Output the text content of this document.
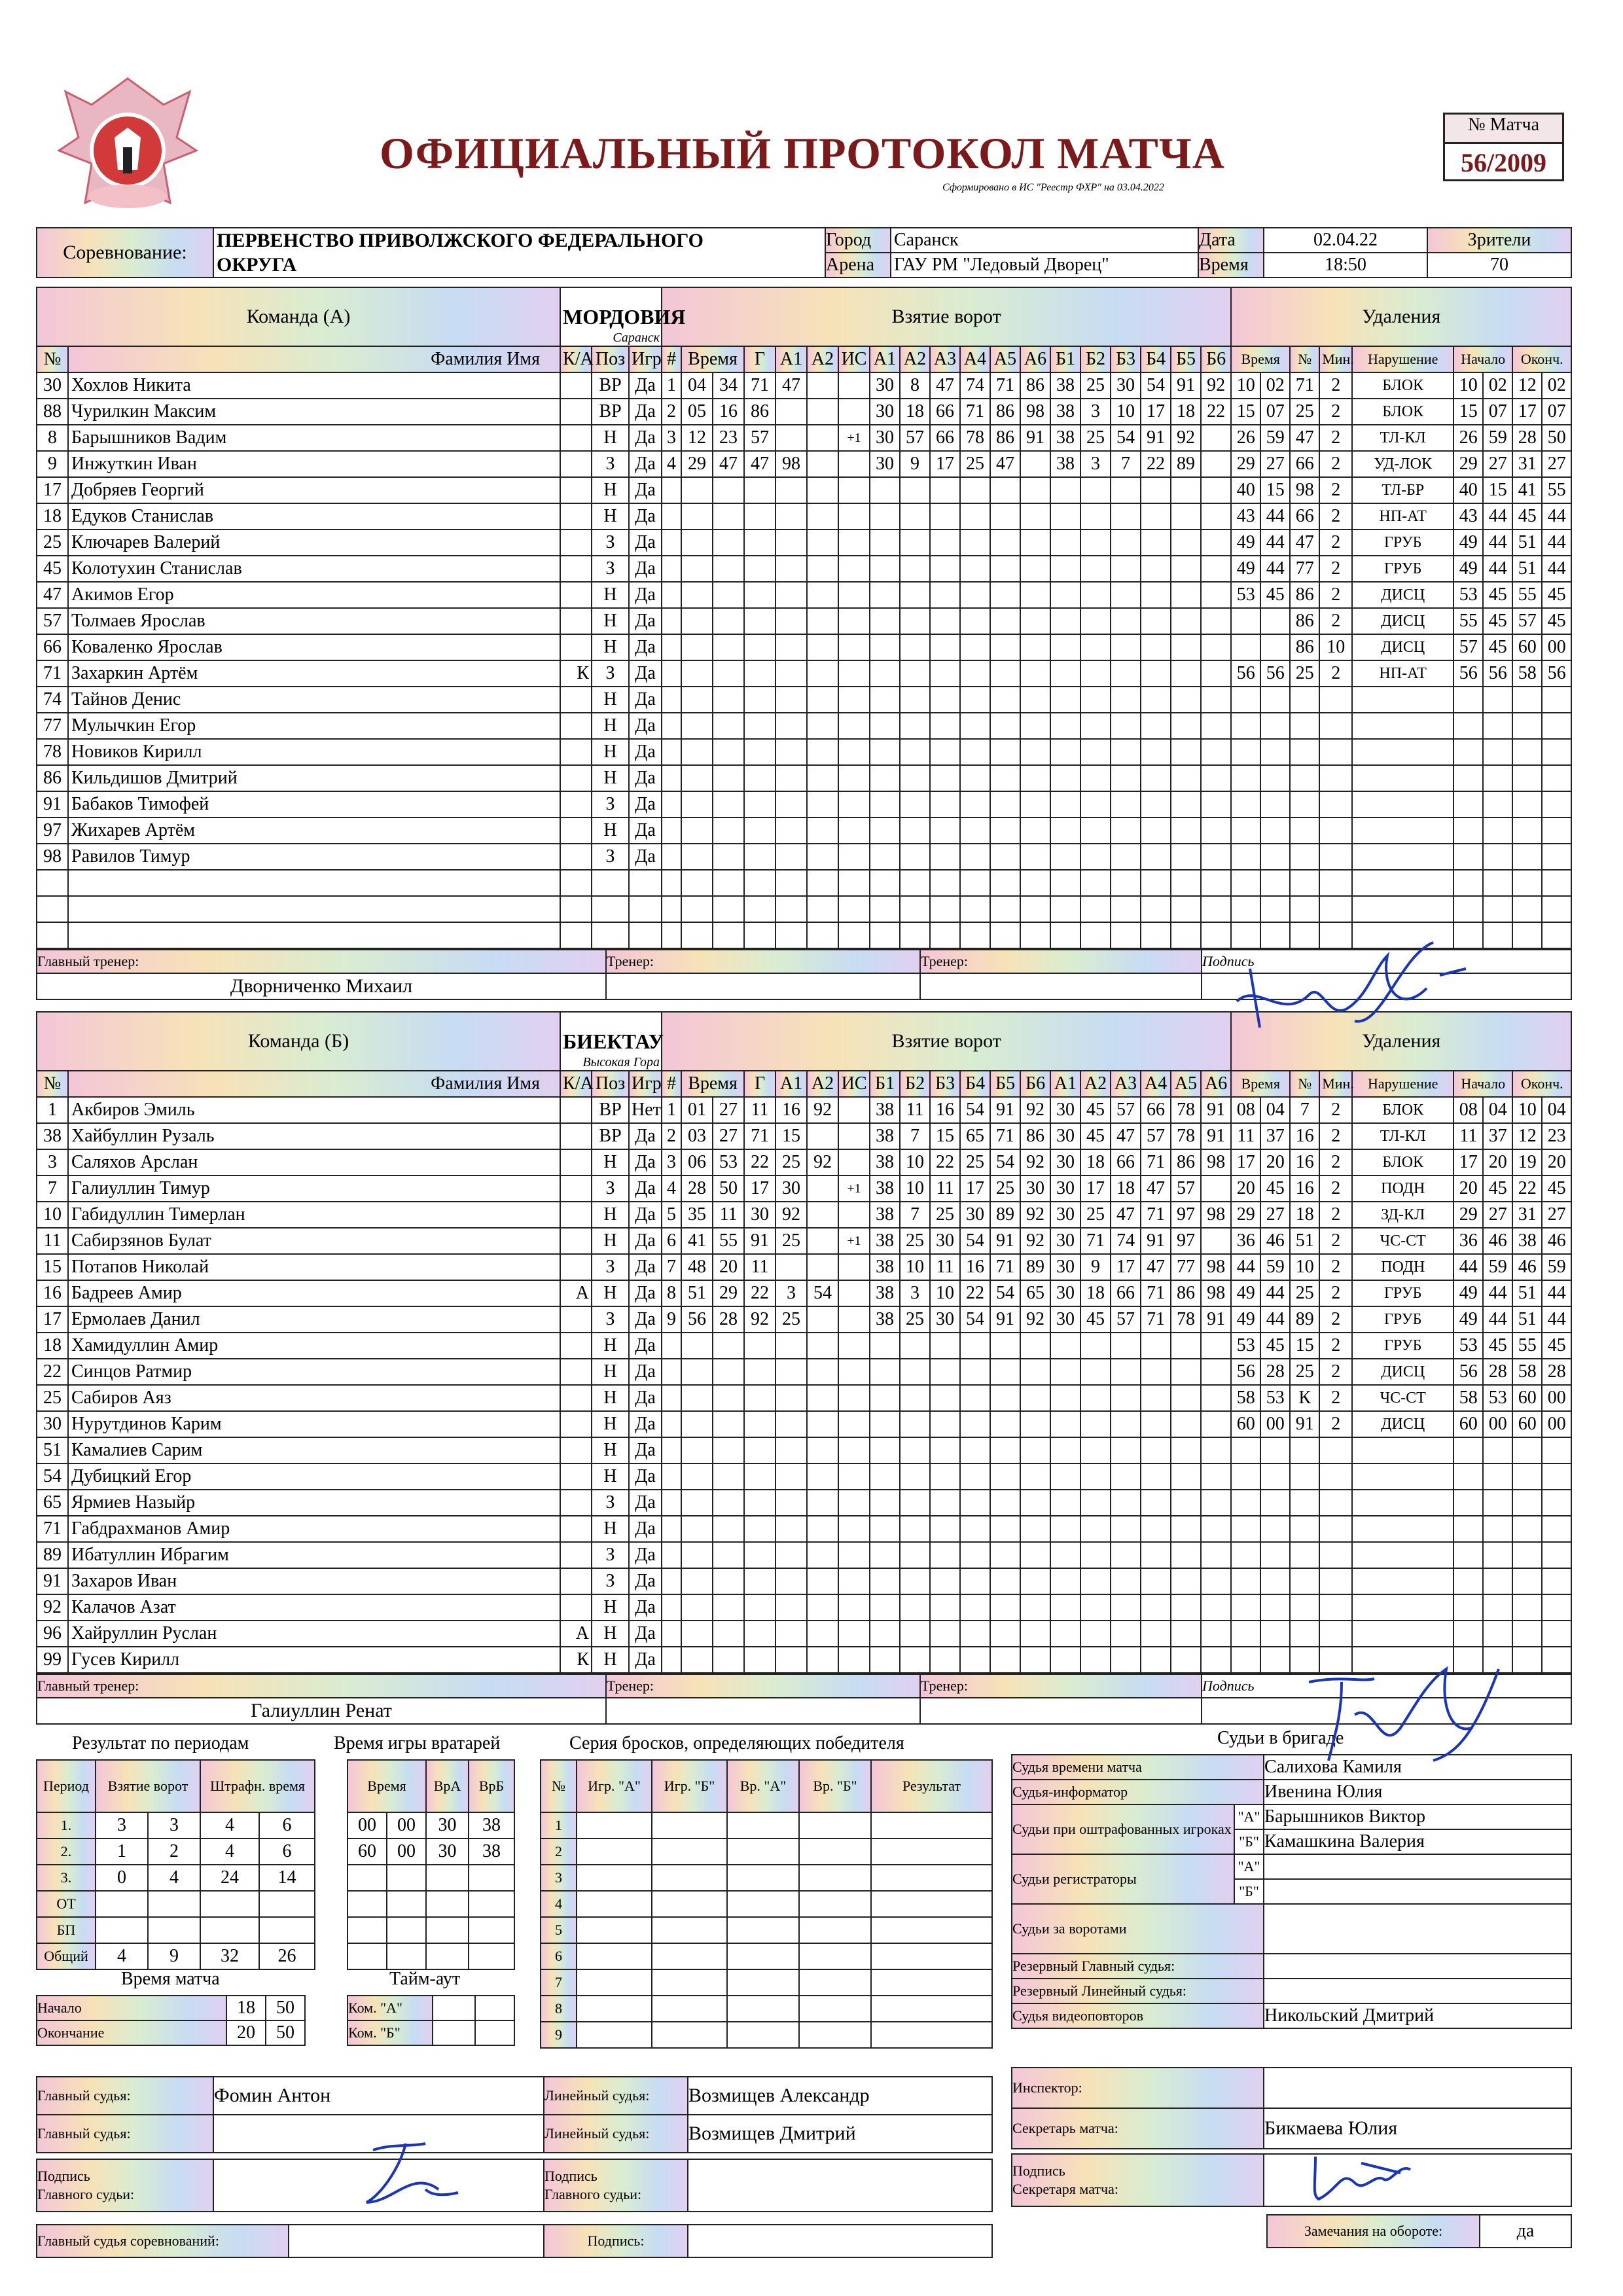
ОФИЦИАЛЬНЫЙ ПРОТОКОЛ МАТЧА
Сформировано в ИС "Реестр ФХР" на 03.04.2022
№ Матча
56/2009
Соревнование:	ПЕРВЕНСТВО ПРИВОЛЖСКОГО ФЕДЕРАЛЬНОГО	Город	Саранск	Дата	02.04.22	Зрители
	ОКРУГА	Арена	ГАУ РМ "Ледовый Дворец"	Время	18:50	70
Команда (А)		МОРДОВИЯ
Саранск			Взятие ворот																			Удаления								
№	Фамилия Имя	К/А	Поз	Игр	#	Время		Г	А1	А2	ИС	А1	А2	А3	А4	А5	А6	Б1	Б2	Б3	Б4	Б5	Б6	Время		№	Мин.	Нарушение	Начало		Оконч.	
30	Хохлов Никита		ВР	Да	1	04	34	71	47			30	8	47	74	71	86	38	25	30	54	91	92	10	02	71	2	БЛОК	10	02	12	02
88	Чурилкин Максим		ВР	Да	2	05	16	86				30	18	66	71	86	98	38	3	10	17	18	22	15	07	25	2	БЛОК	15	07	17	07
8	Барышников Вадим		Н	Да	3	12	23	57			+1	30	57	66	78	86	91	38	25	54	91	92		26	59	47	2	ТЛ-КЛ	26	59	28	50
9	Инжуткин Иван		З	Да	4	29	47	47	98			30	9	17	25	47		38	3	7	22	89		29	27	66	2	УД-ЛОК	29	27	31	27
17	Добряев Георгий		Н	Да																				40	15	98	2	ТЛ-БР	40	15	41	55
18	Едуков Станислав		Н	Да																				43	44	66	2	НП-АТ	43	44	45	44
25	Ключарев Валерий		З	Да																				49	44	47	2	ГРУБ	49	44	51	44
45	Колотухин Станислав		З	Да																				49	44	77	2	ГРУБ	49	44	51	44
47	Акимов Егор		Н	Да																				53	45	86	2	ДИСЦ	53	45	55	45
57	Толмаев Ярослав		Н	Да																						86	2	ДИСЦ	55	45	57	45
66	Коваленко Ярослав		Н	Да																						86	10	ДИСЦ	57	45	60	00
71	Захаркин Артём	К	З	Да																				56	56	25	2	НП-АТ	56	56	58	56
74	Тайнов Денис		Н	Да																												
77	Мулычкин Егор		Н	Да																												
78	Новиков Кирилл		Н	Да																												
86	Кильдишов Дмитрий		Н	Да																												
91	Бабаков Тимофей		З	Да																												
97	Жихарев Артём		Н	Да																												
98	Равилов Тимур		З	Да																												

Главный тренер:	Тренер:	Тренер:	Подпись
Дворниченко Михаил			
Команда (Б)		БИЕКТАУ
Высокая Гора			Взятие ворот																			Удаления								
№	Фамилия Имя	К/А	Поз	Игр	#	Время		Г	А1	А2	ИС	Б1	Б2	Б3	Б4	Б5	Б6	А1	А2	А3	А4	А5	А6	Время		№	Мин.	Нарушение	Начало		Оконч.	
1	Акбиров Эмиль		ВР	Нет	1	01	27	11	16	92		38	11	16	54	91	92	30	45	57	66	78	91	08	04	7	2	БЛОК	08	04	10	04
38	Хайбуллин Рузаль		ВР	Да	2	03	27	71	15			38	7	15	65	71	86	30	45	47	57	78	91	11	37	16	2	ТЛ-КЛ	11	37	12	23
3	Саляхов Арслан		Н	Да	3	06	53	22	25	92		38	10	22	25	54	92	30	18	66	71	86	98	17	20	16	2	БЛОК	17	20	19	20
7	Галиуллин Тимур		З	Да	4	28	50	17	30		+1	38	10	11	17	25	30	30	17	18	47	57		20	45	16	2	ПОДН	20	45	22	45
10	Габидуллин Тимерлан		Н	Да	5	35	11	30	92			38	7	25	30	89	92	30	25	47	71	97	98	29	27	18	2	ЗД-КЛ	29	27	31	27
11	Сабирзянов Булат		Н	Да	6	41	55	91	25		+1	38	25	30	54	91	92	30	71	74	91	97		36	46	51	2	ЧС-СТ	36	46	38	46
15	Потапов Николай		З	Да	7	48	20	11				38	10	11	16	71	89	30	9	17	47	77	98	44	59	10	2	ПОДН	44	59	46	59
16	Бадреев Амир	А	Н	Да	8	51	29	22	3	54		38	3	10	22	54	65	30	18	66	71	86	98	49	44	25	2	ГРУБ	49	44	51	44
17	Ермолаев Данил		З	Да	9	56	28	92	25			38	25	30	54	91	92	30	45	57	71	78	91	49	44	89	2	ГРУБ	49	44	51	44
18	Хамидуллин Амир		Н	Да																				53	45	15	2	ГРУБ	53	45	55	45
22	Синцов Ратмир		Н	Да																				56	28	25	2	ДИСЦ	56	28	58	28
25	Сабиров Аяз		Н	Да																				58	53	К	2	ЧС-СТ	58	53	60	00
30	Нурутдинов Карим		Н	Да																				60	00	91	2	ДИСЦ	60	00	60	00
51	Камалиев Сарим		Н	Да																												
54	Дубицкий Егор		Н	Да																												
65	Ярмиев Назыйр		З	Да																												
71	Габдрахманов Амир		Н	Да																												
89	Ибатуллин Ибрагим		З	Да																												
91	Захаров Иван		З	Да																												
92	Калачов Азат		Н	Да																												
96	Хайруллин Руслан	А	Н	Да																												
99	Гусев Кирилл	К	Н	Да																												
Главный тренер:	Тренер:	Тренер:	Подпись
Галиуллин Ренат			
Результат по периодам
Период	Взятие ворот		Штрафн. время	
1.	3	3	4	6
2.	1	2	4	6
3.	0	4	24	14
ОТ				
БП				
Общий	4	9	32	26
Время игры вратарей
Время		ВрА	ВрБ
00	00	30	38
60	00	30	38

Время матча
Начало	18	50
Окончание	20	50
Тайм-аут
Ком. "А"		
Ком. "Б"		
Серия бросков, определяющих победителя
№	Игр. "А"	Игр. "Б"	Вр. "А"	Вр. "Б"	Результат
1					
2					
3					
4					
5					
6					
7					
8					
9					
Судьи в бригаде
Судья времени матча		Салихова Камиля
Судья-информатор		Ивенина Юлия
Судьи при оштрафованных игроках	"А"	Барышников Виктор
	"Б"	Камашкина Валерия
Судьи регистраторы	"А"	
	"Б"	
Судьи за воротами		
Резервный Главный судья:		
Резервный Линейный судья:		
Судья видеоповторов		Никольский Дмитрий
Главный судья:	Фомин Антон	Линейный судья:	Возмищев Александр
Главный судья:		Линейный судья:	Возмищев Дмитрий
Инспектор:	
Секретарь матча:	Бикмаева Юлия
Подпись
Главного судьи:

Подпись
Главного судьи:

Подпись
Секретаря матча:

Главный судья соревнований:		Подпись:	
Замечания на обороте:	да
